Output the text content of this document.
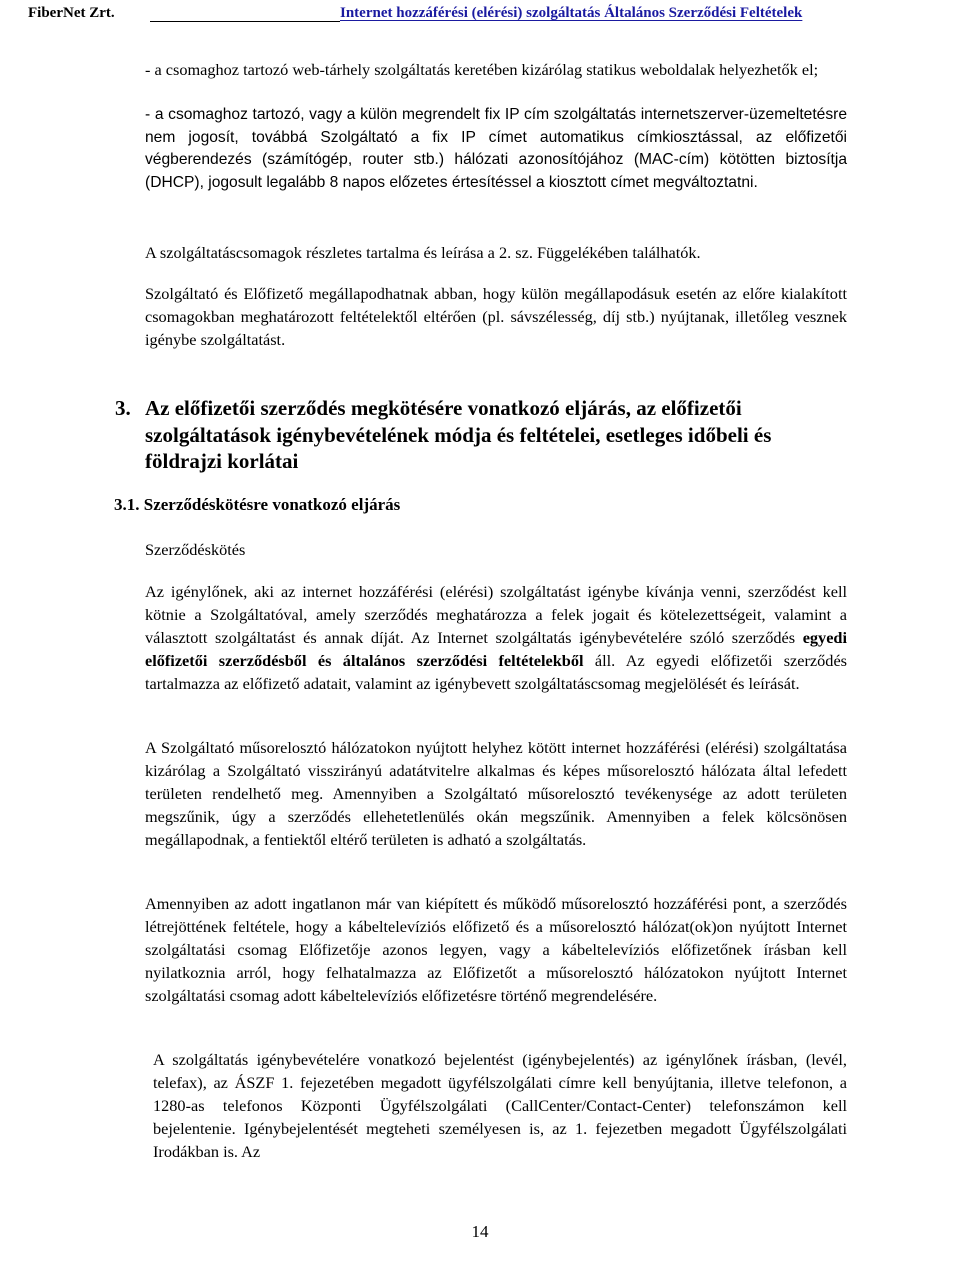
FiberNet Zrt.	Internet hozzáférési (elérési) szolgáltatás Általános Szerződési Feltételek

- a csomaghoz tartozó web-tárhely szolgáltatás keretében kizárólag statikus weboldalak helyezhetők el;

- a csomaghoz tartozó, vagy a külön megrendelt fix IP cím szolgáltatás internetszerver-üzemeltetésre nem jogosít, továbbá Szolgáltató a fix IP címet automatikus címkiosztással, az előfizetői végberendezés (számítógép, router stb.) hálózati azonosítójához (MAC-cím) kötötten biztosítja (DHCP), jogosult legalább 8 napos előzetes értesítéssel a kiosztott címet megváltoztatni.

A szolgáltatáscsomagok részletes tartalma és leírása a 2. sz. Függelékében találhatók.

Szolgáltató és Előfizető megállapodhatnak abban, hogy külön megállapodásuk esetén az előre kialakított csomagokban meghatározott feltételektől eltérően (pl. sávszélesség, díj stb.) nyújtanak, illetőleg vesznek igénybe szolgáltatást.

3. Az előfizetői szerződés megkötésére vonatkozó eljárás, az előfizetői szolgáltatások igénybevételének módja és feltételei, esetleges időbeli és földrajzi korlátai
3.1. Szerződéskötésre vonatkozó eljárás

Szerződéskötés

Az igénylőnek, aki az internet hozzáférési (elérési) szolgáltatást igénybe kívánja venni, szerződést kell kötnie a Szolgáltatóval, amely szerződés meghatározza a felek jogait és kötelezettségeit, valamint a választott szolgáltatást és annak díját. Az Internet szolgáltatás igénybevételére szóló szerződés egyedi előfizetői szerződésből és általános szerződési feltételekből áll. Az egyedi előfizetői szerződés tartalmazza az előfizető adatait, valamint az igénybevett szolgáltatáscsomag megjelölését és leírását.

A Szolgáltató műsorelosztó hálózatokon nyújtott helyhez kötött internet hozzáférési (elérési) szolgáltatása kizárólag a Szolgáltató visszirányú adatátvitelre alkalmas és képes műsorelosztó hálózata által lefedett területen rendelhető meg. Amennyiben a Szolgáltató műsorelosztó tevékenysége az adott területen megszűnik, úgy a szerződés ellehetetlenülés okán megszűnik. Amennyiben a felek kölcsönösen megállapodnak, a fentiektől eltérő területen is adható a szolgáltatás.

Amennyiben az adott ingatlanon már van kiépített és működő műsorelosztó hozzáférési pont, a szerződés létrejöttének feltétele, hogy a kábeltelevíziós előfizető és a műsorelosztó hálózat(ok)on nyújtott Internet szolgáltatási csomag Előfizetője azonos legyen, vagy a kábeltelevíziós előfizetőnek írásban kell nyilatkoznia arról, hogy felhatalmazza az Előfizetőt a műsorelosztó hálózatokon nyújtott Internet szolgáltatási csomag adott kábeltelevíziós előfizetésre történő megrendelésére.

A szolgáltatás igénybevételére vonatkozó bejelentést (igénybejelentés) az igénylőnek írásban, (levél, telefax), az ÁSZF 1. fejezetében megadott ügyfélszolgálati címre kell benyújtania, illetve telefonon, a 1280-as telefonos Központi Ügyfélszolgálati (CallCenter/Contact-Center) telefonszámon kell bejelentenie. Igénybejelentését megteheti személyesen is, az 1. fejezetben megadott Ügyfélszolgálati Irodákban is. Az

14
